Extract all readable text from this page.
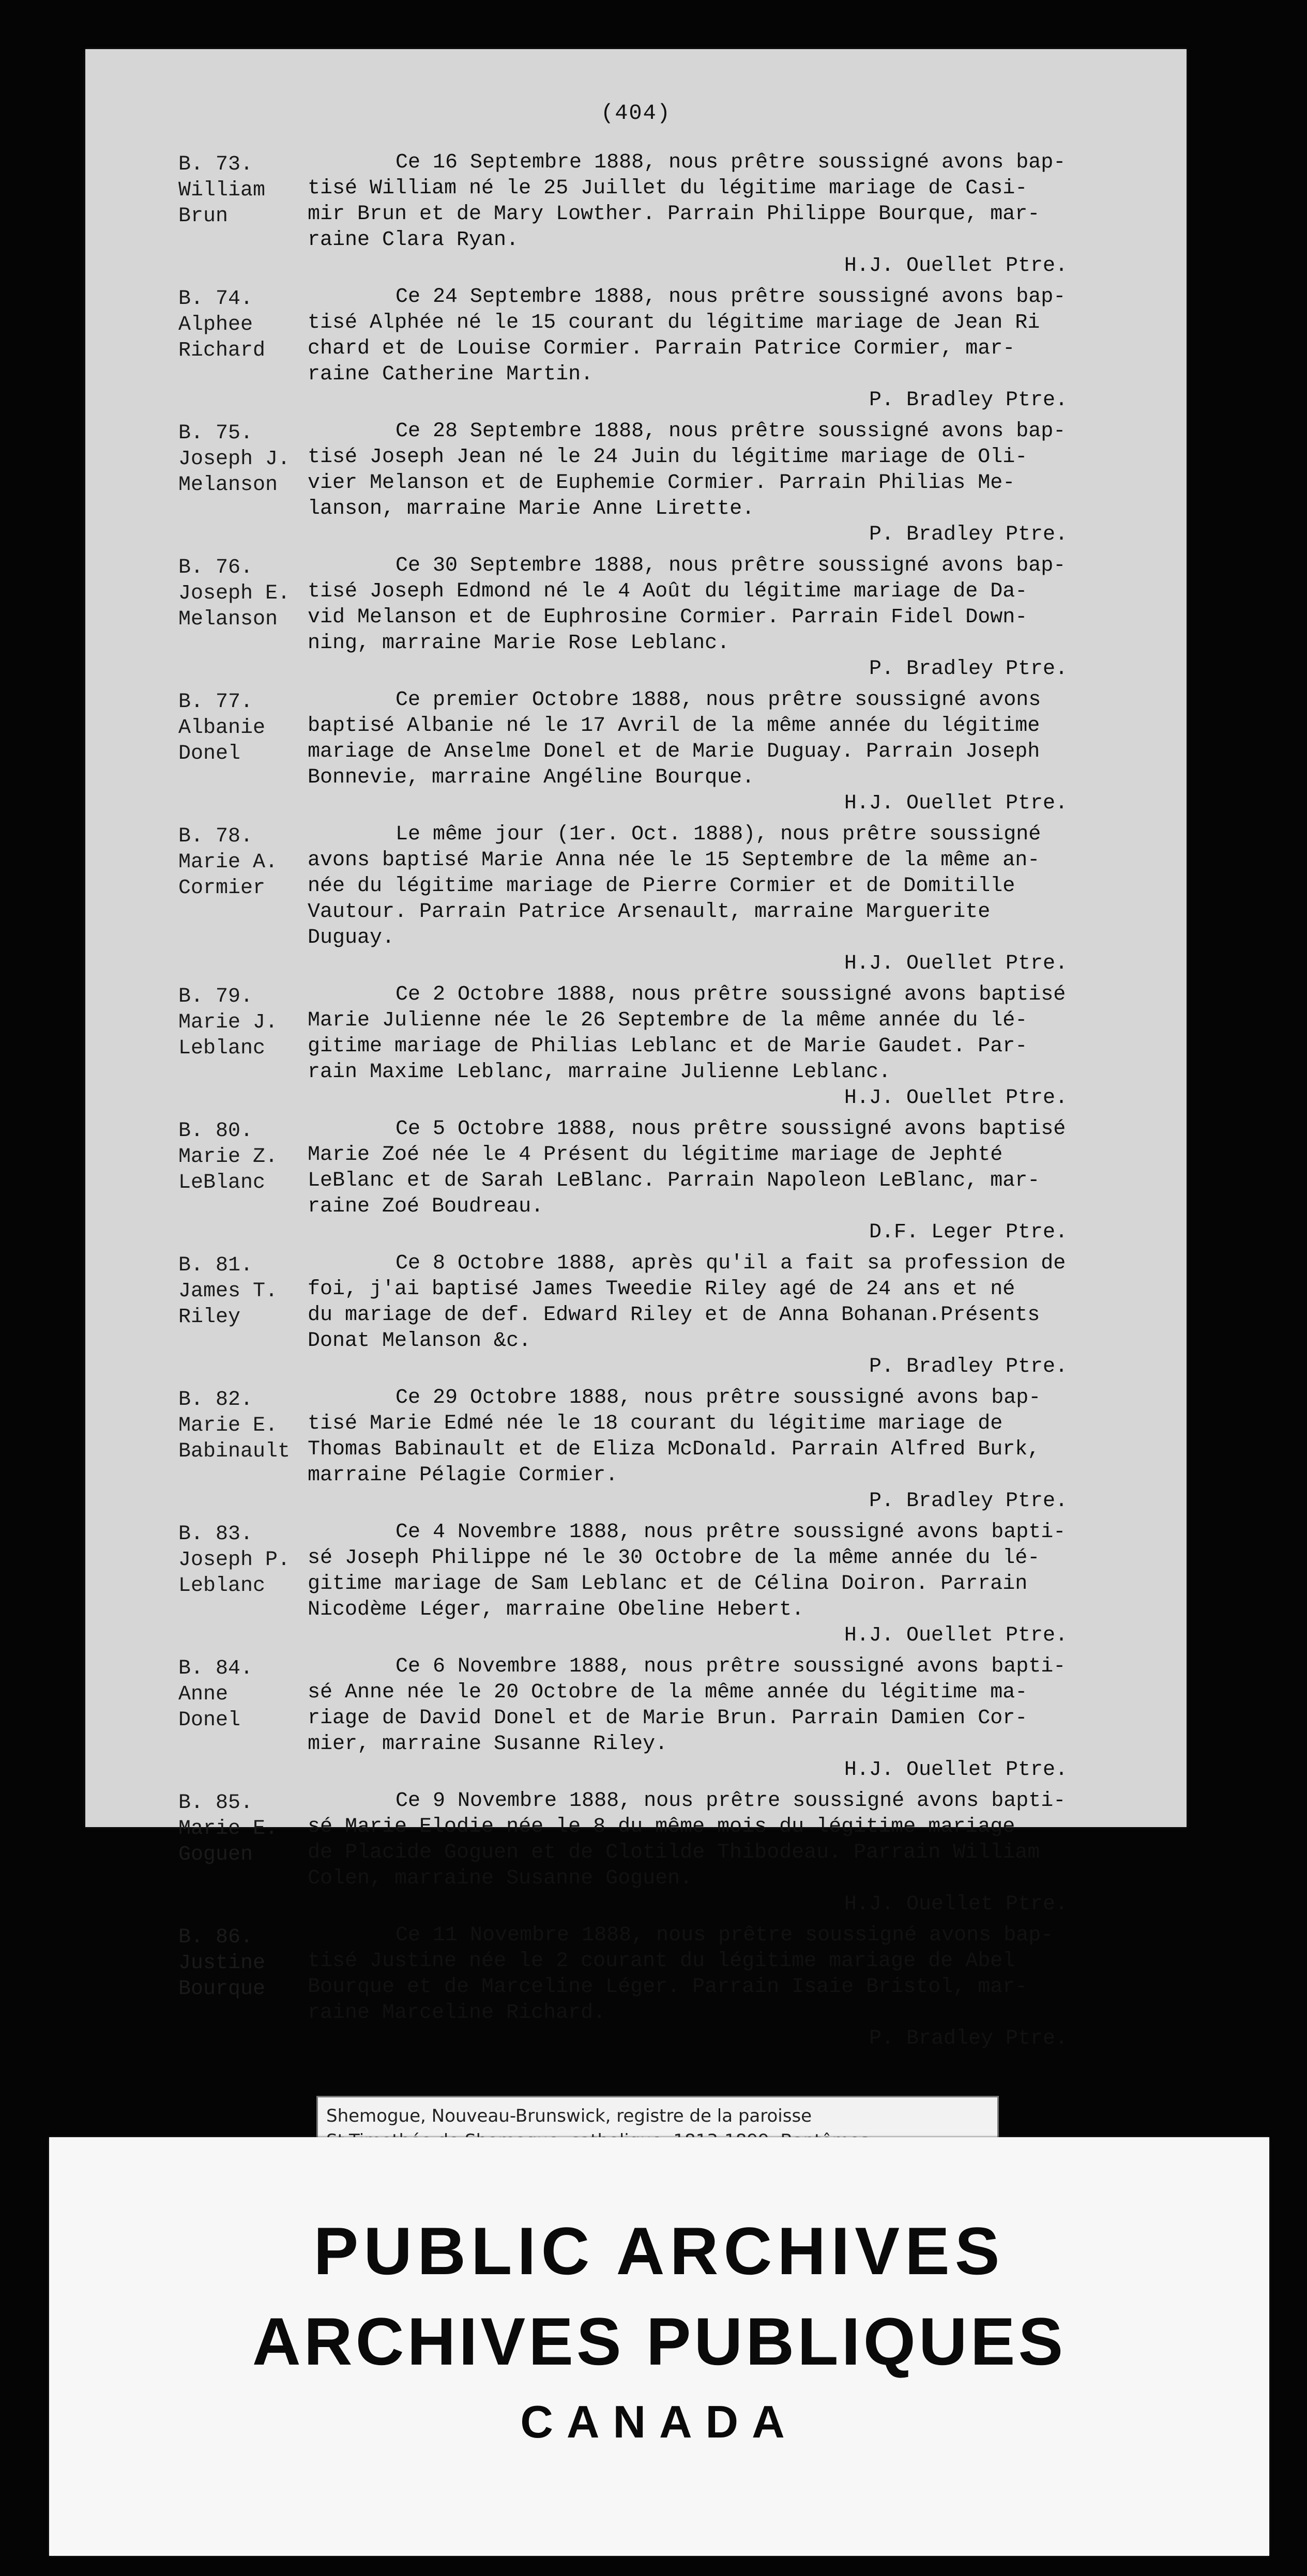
(404)
B. 73.
William
Brun
Ce 16 Septembre 1888, nous prêtre soussigné avons bap-
tisé William né le 25 Juillet du légitime mariage de Casi-
mir Brun et de Mary Lowther. Parrain Philippe Bourque, mar-
raine Clara Ryan.
H.J. Ouellet Ptre.
B. 74.
Alphee
Richard
Ce 24 Septembre 1888, nous prêtre soussigné avons bap-
tisé Alphée né le 15 courant du légitime mariage de Jean Ri
chard et de Louise Cormier. Parrain Patrice Cormier, mar-
raine Catherine Martin.
P. Bradley Ptre.
B. 75.
Joseph J.
Melanson
Ce 28 Septembre 1888, nous prêtre soussigné avons bap-
tisé Joseph Jean né le 24 Juin du légitime mariage de Oli-
vier Melanson et de Euphemie Cormier. Parrain Philias Me-
lanson, marraine Marie Anne Lirette.
P. Bradley Ptre.
B. 76.
Joseph E.
Melanson
Ce 30 Septembre 1888, nous prêtre soussigné avons bap-
tisé Joseph Edmond né le 4 Août du légitime mariage de Da-
vid Melanson et de Euphrosine Cormier. Parrain Fidel Down-
ning, marraine Marie Rose Leblanc.
P. Bradley Ptre.
B. 77.
Albanie
Donel
Ce premier Octobre 1888, nous prêtre soussigné avons
baptisé Albanie né le 17 Avril de la même année du légitime
mariage de Anselme Donel et de Marie Duguay. Parrain Joseph
Bonnevie, marraine Angéline Bourque.
H.J. Ouellet Ptre.
B. 78.
Marie A.
Cormier
Le même jour (1er. Oct. 1888), nous prêtre soussigné
avons baptisé Marie Anna née le 15 Septembre de la même an-
née du légitime mariage de Pierre Cormier et de Domitille
Vautour. Parrain Patrice Arsenault, marraine Marguerite
Duguay.
H.J. Ouellet Ptre.
B. 79.
Marie J.
Leblanc
Ce 2 Octobre 1888, nous prêtre soussigné avons baptisé
Marie Julienne née le 26 Septembre de la même année du lé-
gitime mariage de Philias Leblanc et de Marie Gaudet. Par-
rain Maxime Leblanc, marraine Julienne Leblanc.
H.J. Ouellet Ptre.
B. 80.
Marie Z.
LeBlanc
Ce 5 Octobre 1888, nous prêtre soussigné avons baptisé
Marie Zoé née le 4 Présent du légitime mariage de Jephté
LeBlanc et de Sarah LeBlanc. Parrain Napoleon LeBlanc, mar-
raine Zoé Boudreau.
D.F. Leger Ptre.
B. 81.
James T.
Riley
Ce 8 Octobre 1888, après qu'il a fait sa profession de
foi, j'ai baptisé James Tweedie Riley agé de 24 ans et né
du mariage de def. Edward Riley et de Anna Bohanan.Présents
Donat Melanson &c.
P. Bradley Ptre.
B. 82.
Marie E.
Babinault
Ce 29 Octobre 1888, nous prêtre soussigné avons bap-
tisé Marie Edmé née le 18 courant du légitime mariage de
Thomas Babinault et de Eliza McDonald. Parrain Alfred Burk,
marraine Pélagie Cormier.
P. Bradley Ptre.
B. 83.
Joseph P.
Leblanc
Ce 4 Novembre 1888, nous prêtre soussigné avons bapti-
sé Joseph Philippe né le 30 Octobre de la même année du lé-
gitime mariage de Sam Leblanc et de Célina Doiron. Parrain
Nicodème Léger, marraine Obeline Hebert.
H.J. Ouellet Ptre.
B. 84.
Anne
Donel
Ce 6 Novembre 1888, nous prêtre soussigné avons bapti-
sé Anne née le 20 Octobre de la même année du légitime ma-
riage de David Donel et de Marie Brun. Parrain Damien Cor-
mier, marraine Susanne Riley.
H.J. Ouellet Ptre.
B. 85.
Marie E.
Goguen
Ce 9 Novembre 1888, nous prêtre soussigné avons bapti-
sé Marie Elodie née le 8 du même mois du légitime mariage
de Placide Goguen et de Clotilde Thibodeau. Parrain William
Colen, marraine Susanne Goguen.
H.J. Ouellet Ptre.
B. 86.
Justine
Bourque
Ce 11 Novembre 1888, nous prêtre soussigné avons bap-
tisé Justine née le 2 courant du légitime mariage de Abel
Bourque et de Marceline Léger. Parrain Isaie Bristol, mar-
raine Marceline Richard.
P. Bradley Ptre.
Shemogue, Nouveau-Brunswick, registre de la paroisse
PUBLIC ARCHIVES
ARCHIVES PUBLIQUES
CANADA
